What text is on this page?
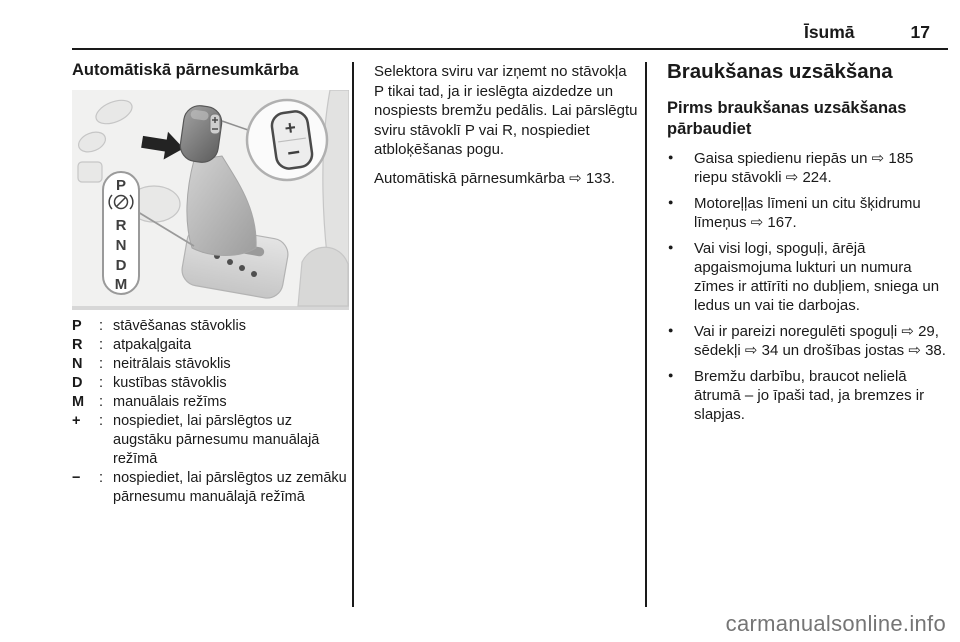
Īsumā	17
Automātiskā pārnesumkārba
+
−
P
R
N
D
M
P	: stāvēšanas stāvoklis
R	: atpakaļgaita
N	: neitrālais stāvoklis
D	: kustības stāvoklis
M	: manuālais režīms
+	: nospiediet, lai pārslēgtos uz augstāku pārnesumu manuālajā režīmā
−	: nospiediet, lai pārslēgtos uz zemāku pārnesumu manuālajā režīmā

Selektora sviru var izņemt no stāvokļa P tikai tad, ja ir ieslēgta aizdedze un nospiests bremžu pedālis. Lai pārslēgtu sviru stāvoklī P vai R, nospiediet atbloķēšanas pogu.

Automātiskā pārnesumkārba ⇨ 133.

Braukšanas uzsākšana
Pirms braukšanas uzsākšanas pārbaudiet
● Gaisa spiedienu riepās un ⇨ 185 riepu stāvokli ⇨ 224.
● Motoreļļas līmeni un citu šķidrumu līmeņus ⇨ 167.
● Vai visi logi, spoguļi, ārējā apgaismojuma lukturi un numura zīmes ir attīrīti no dubļiem, sniega un ledus un vai tie darbojas.
● Vai ir pareizi noregulēti spoguļi ⇨ 29, sēdekļi ⇨ 34 un drošības jostas ⇨ 38.
● Bremžu darbību, braucot nelielā ātrumā – jo īpaši tad, ja bremzes ir slapjas.
carmanualsonline.info
